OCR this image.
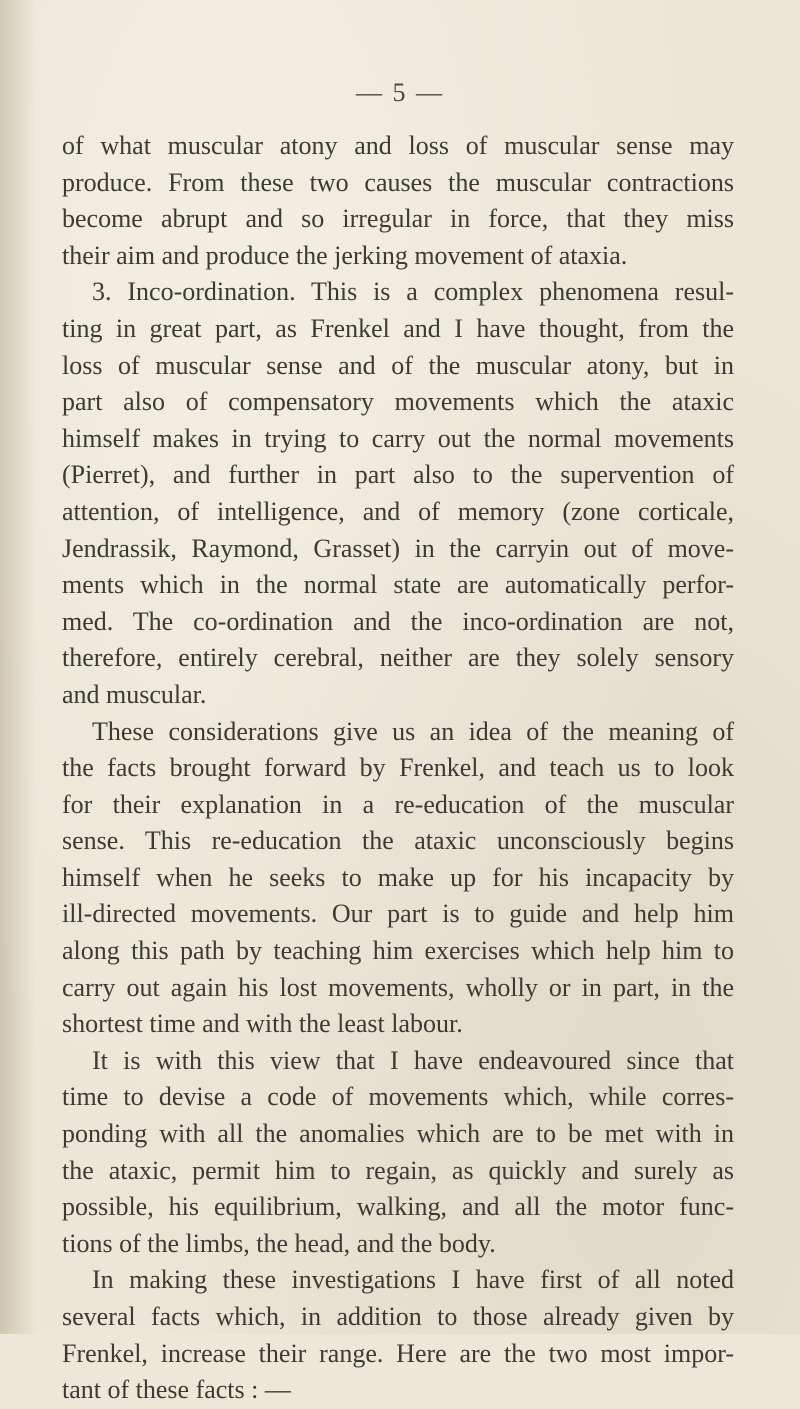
— 5 —
of what muscular atony and loss of muscular sense may
produce. From these two causes the muscular contractions
become abrupt and so irregular in force, that they miss
their aim and produce the jerking movement of ataxia.
3. Inco-ordination. This is a complex phenomena resul-
ting in great part, as Frenkel and I have thought, from the
loss of muscular sense and of the muscular atony, but in
part also of compensatory movements which the ataxic
himself makes in trying to carry out the normal movements
(Pierret), and further in part also to the supervention of
attention, of intelligence, and of memory (zone corticale,
Jendrassik, Raymond, Grasset) in the carryin out of move-
ments which in the normal state are automatically perfor-
med. The co-ordination and the inco-ordination are not,
therefore, entirely cerebral, neither are they solely sensory
and muscular.
These considerations give us an idea of the meaning of
the facts brought forward by Frenkel, and teach us to look
for their explanation in a re-education of the muscular
sense. This re-education the ataxic unconsciously begins
himself when he seeks to make up for his incapacity by
ill-directed movements. Our part is to guide and help him
along this path by teaching him exercises which help him to
carry out again his lost movements, wholly or in part, in the
shortest time and with the least labour.
It is with this view that I have endeavoured since that
time to devise a code of movements which, while corres-
ponding with all the anomalies which are to be met with in
the ataxic, permit him to regain, as quickly and surely as
possible, his equilibrium, walking, and all the motor func-
tions of the limbs, the head, and the body.
In making these investigations I have first of all noted
several facts which, in addition to those already given by
Frenkel, increase their range. Here are the two most impor-
tant of these facts : —
